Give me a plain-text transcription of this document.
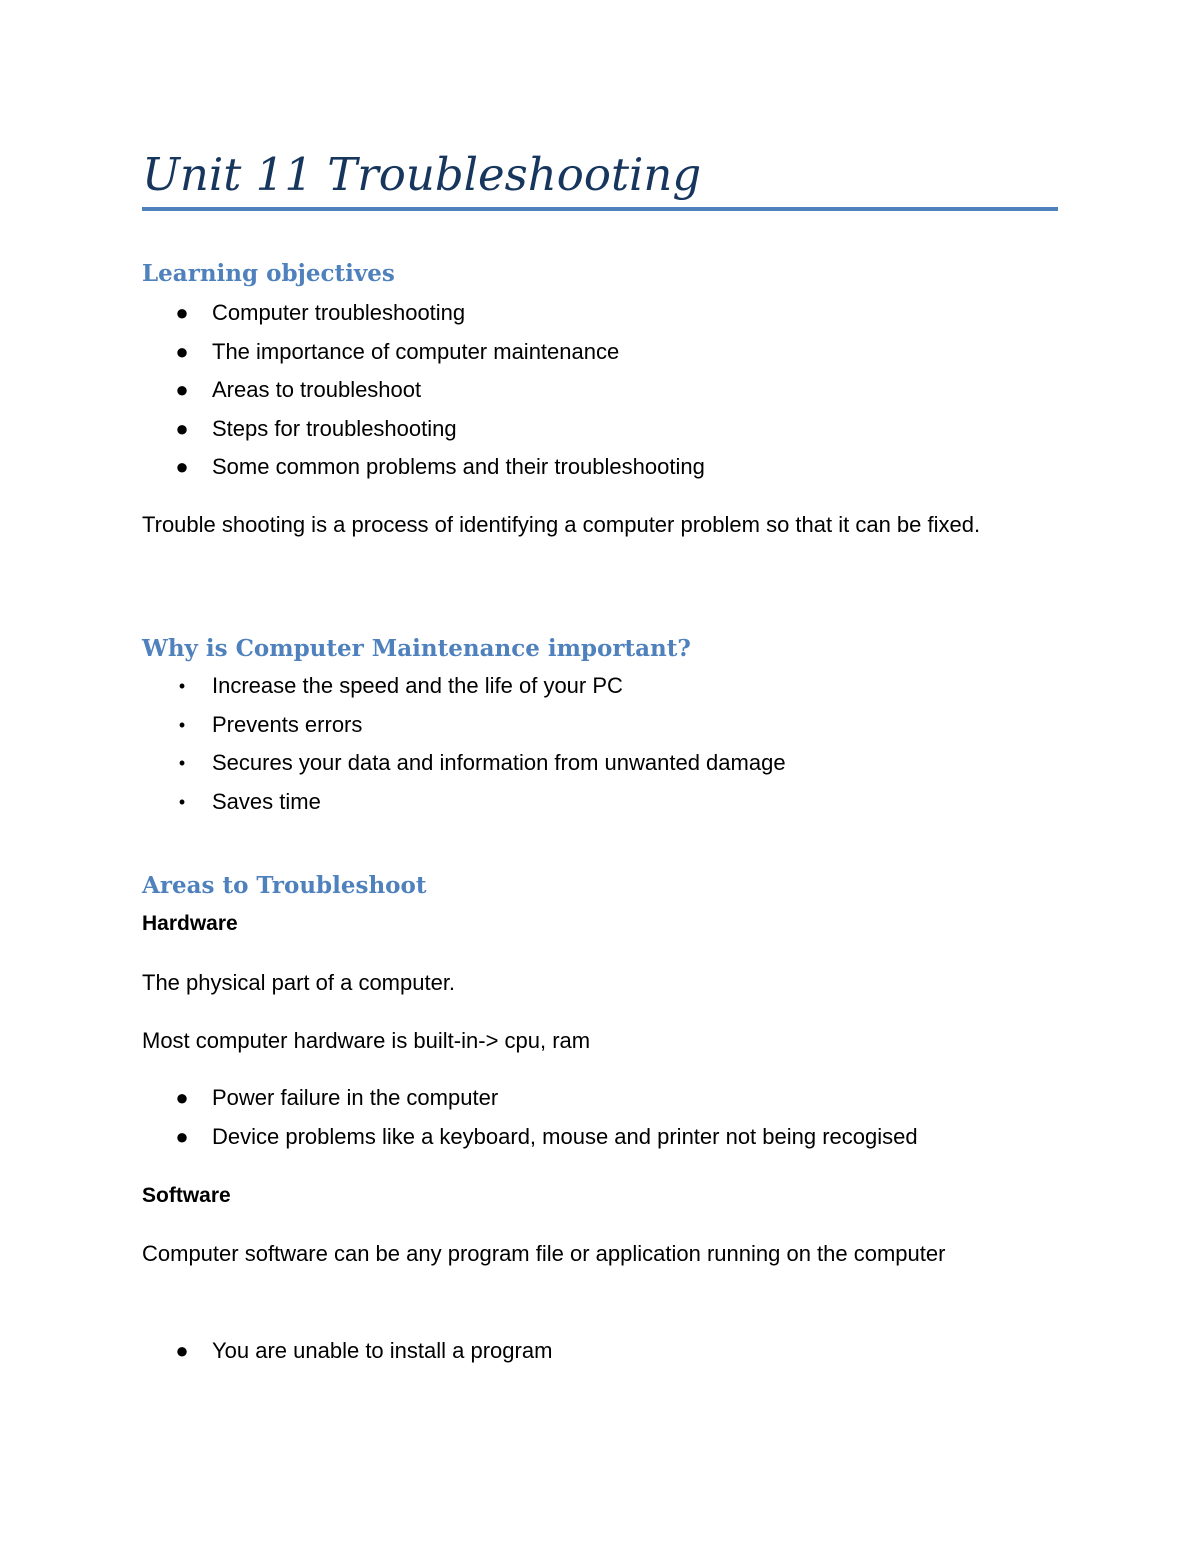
Unit 11 Troubleshooting
Learning objectives
● Computer troubleshooting
● The importance of computer maintenance
● Areas to troubleshoot
● Steps for troubleshooting
● Some common problems and their troubleshooting

Trouble shooting is a process of identifying a computer problem so that it can be fixed.

Why is Computer Maintenance important?
• Increase the speed and the life of your PC
• Prevents errors
• Secures your data and information from unwanted damage
• Saves time
Areas to Troubleshoot
Hardware

The physical part of a computer.

Most computer hardware is built-in-> cpu, ram

● Power failure in the computer
● Device problems like a keyboard, mouse and printer not being recogised
Software

Computer software can be any program file or application running on the computer

● You are unable to install a program
